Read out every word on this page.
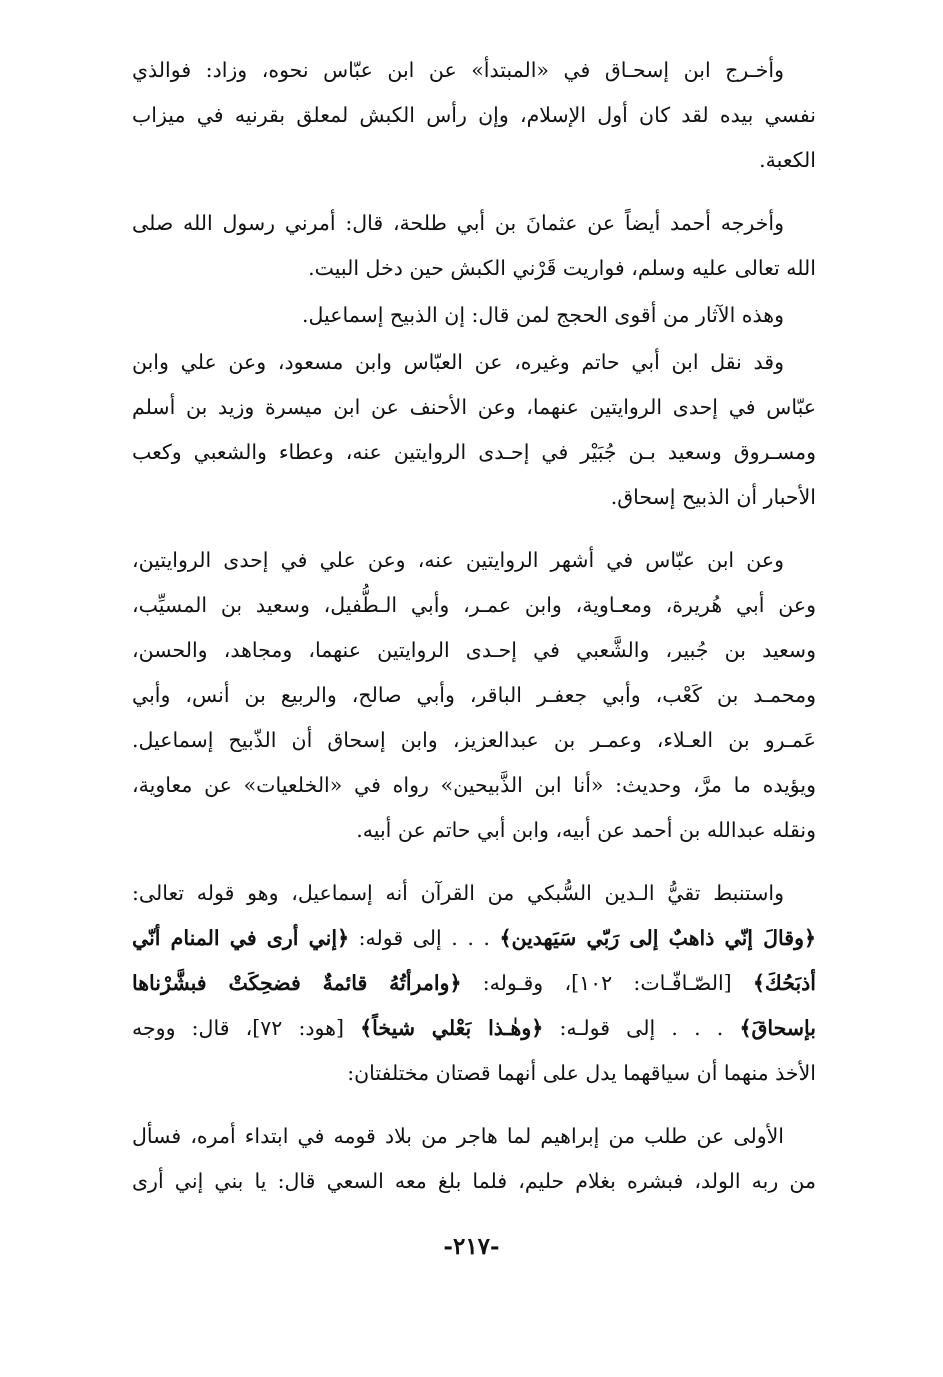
وأخـرج ابن إسحـاق في «المبتدأ» عن ابن عبّاس نحوه، وزاد: فوالذي
نفسي بيده لقد كان أول الإسلام، وإن رأس الكبش لمعلق بقرنيه في ميزاب
الكعبة.
وأخرجه أحمد أيضاً عن عثمانَ بن أبي طلحة، قال: أمرني رسول الله صلى
الله تعالى عليه وسلم، فواريت قَرْني الكبش حين دخل البيت.
وهذه الآثار من أقوى الحجج لمن قال: إن الذبيح إسماعيل.
وقد نقل ابن أبي حاتم وغيره، عن العبّاس وابن مسعود، وعن علي وابن
عبّاس في إحدى الروايتين عنهما، وعن الأحنف عن ابن ميسرة وزيد بن أسلم
ومسـروق وسعيد بـن جُبَيْر في إحـدى الروايتين عنه، وعطاء والشعبي وكعب
الأحبار أن الذبيح إسحاق.
وعن ابن عبّاس في أشهر الروايتين عنه، وعن علي في إحدى الروايتين،
وعن أبي هُريرة، ومعـاوية، وابن عمـر، وأبي الـطُّفيل، وسعيد بن المسيِّب،
وسعيد بن جُبير، والشَّعبي في إحـدى الروايتين عنهما، ومجاهد، والحسن،
ومحمـد بن كَعْب، وأبي جعفـر الباقر، وأبي صالح، والربيع بن أنس، وأبي
عَمـرو بن العـلاء، وعمـر بن عبدالعزيز، وابن إسحاق أن الذّبيح إسماعيل.
ويؤيده ما مرَّ، وحديث: «أنا ابن الذَّبيحين» رواه في «الخلعيات» عن معاوية،
ونقله عبدالله بن أحمد عن أبيه، وابن أبي حاتم عن أبيه.
واستنبط تقيُّ الـدين السُّبكي من القرآن أنه إسماعيل، وهو قوله تعالى:
﴿وقالَ إنّي ذاهبٌ إلى رَبّي سَيَهدين﴾ . . . إلى قوله: ﴿إني أرى في المنام أنّي
أذبَحُكَ﴾ [الصّـافّـات: ١٠٢]، وقـوله: ﴿وامرأتُهُ قائمةٌ فضحِكَتْ فبشَّرْناها
بإسحاقَ﴾ . . . إلى قولـه: ﴿وهٰـذا بَعْلي شيخاً﴾ [هود: ٧٢]، قال: ووجه
الأخذ منهما أن سياقهما يدل على أنهما قصتان مختلفتان:
الأولى عن طلب من إبراهيم لما هاجر من بلاد قومه في ابتداء أمره، فسأل
من ربه الولد، فبشره بغلام حليم، فلما بلغ معه السعي قال: يا بني إني أرى
-٢١٧-
